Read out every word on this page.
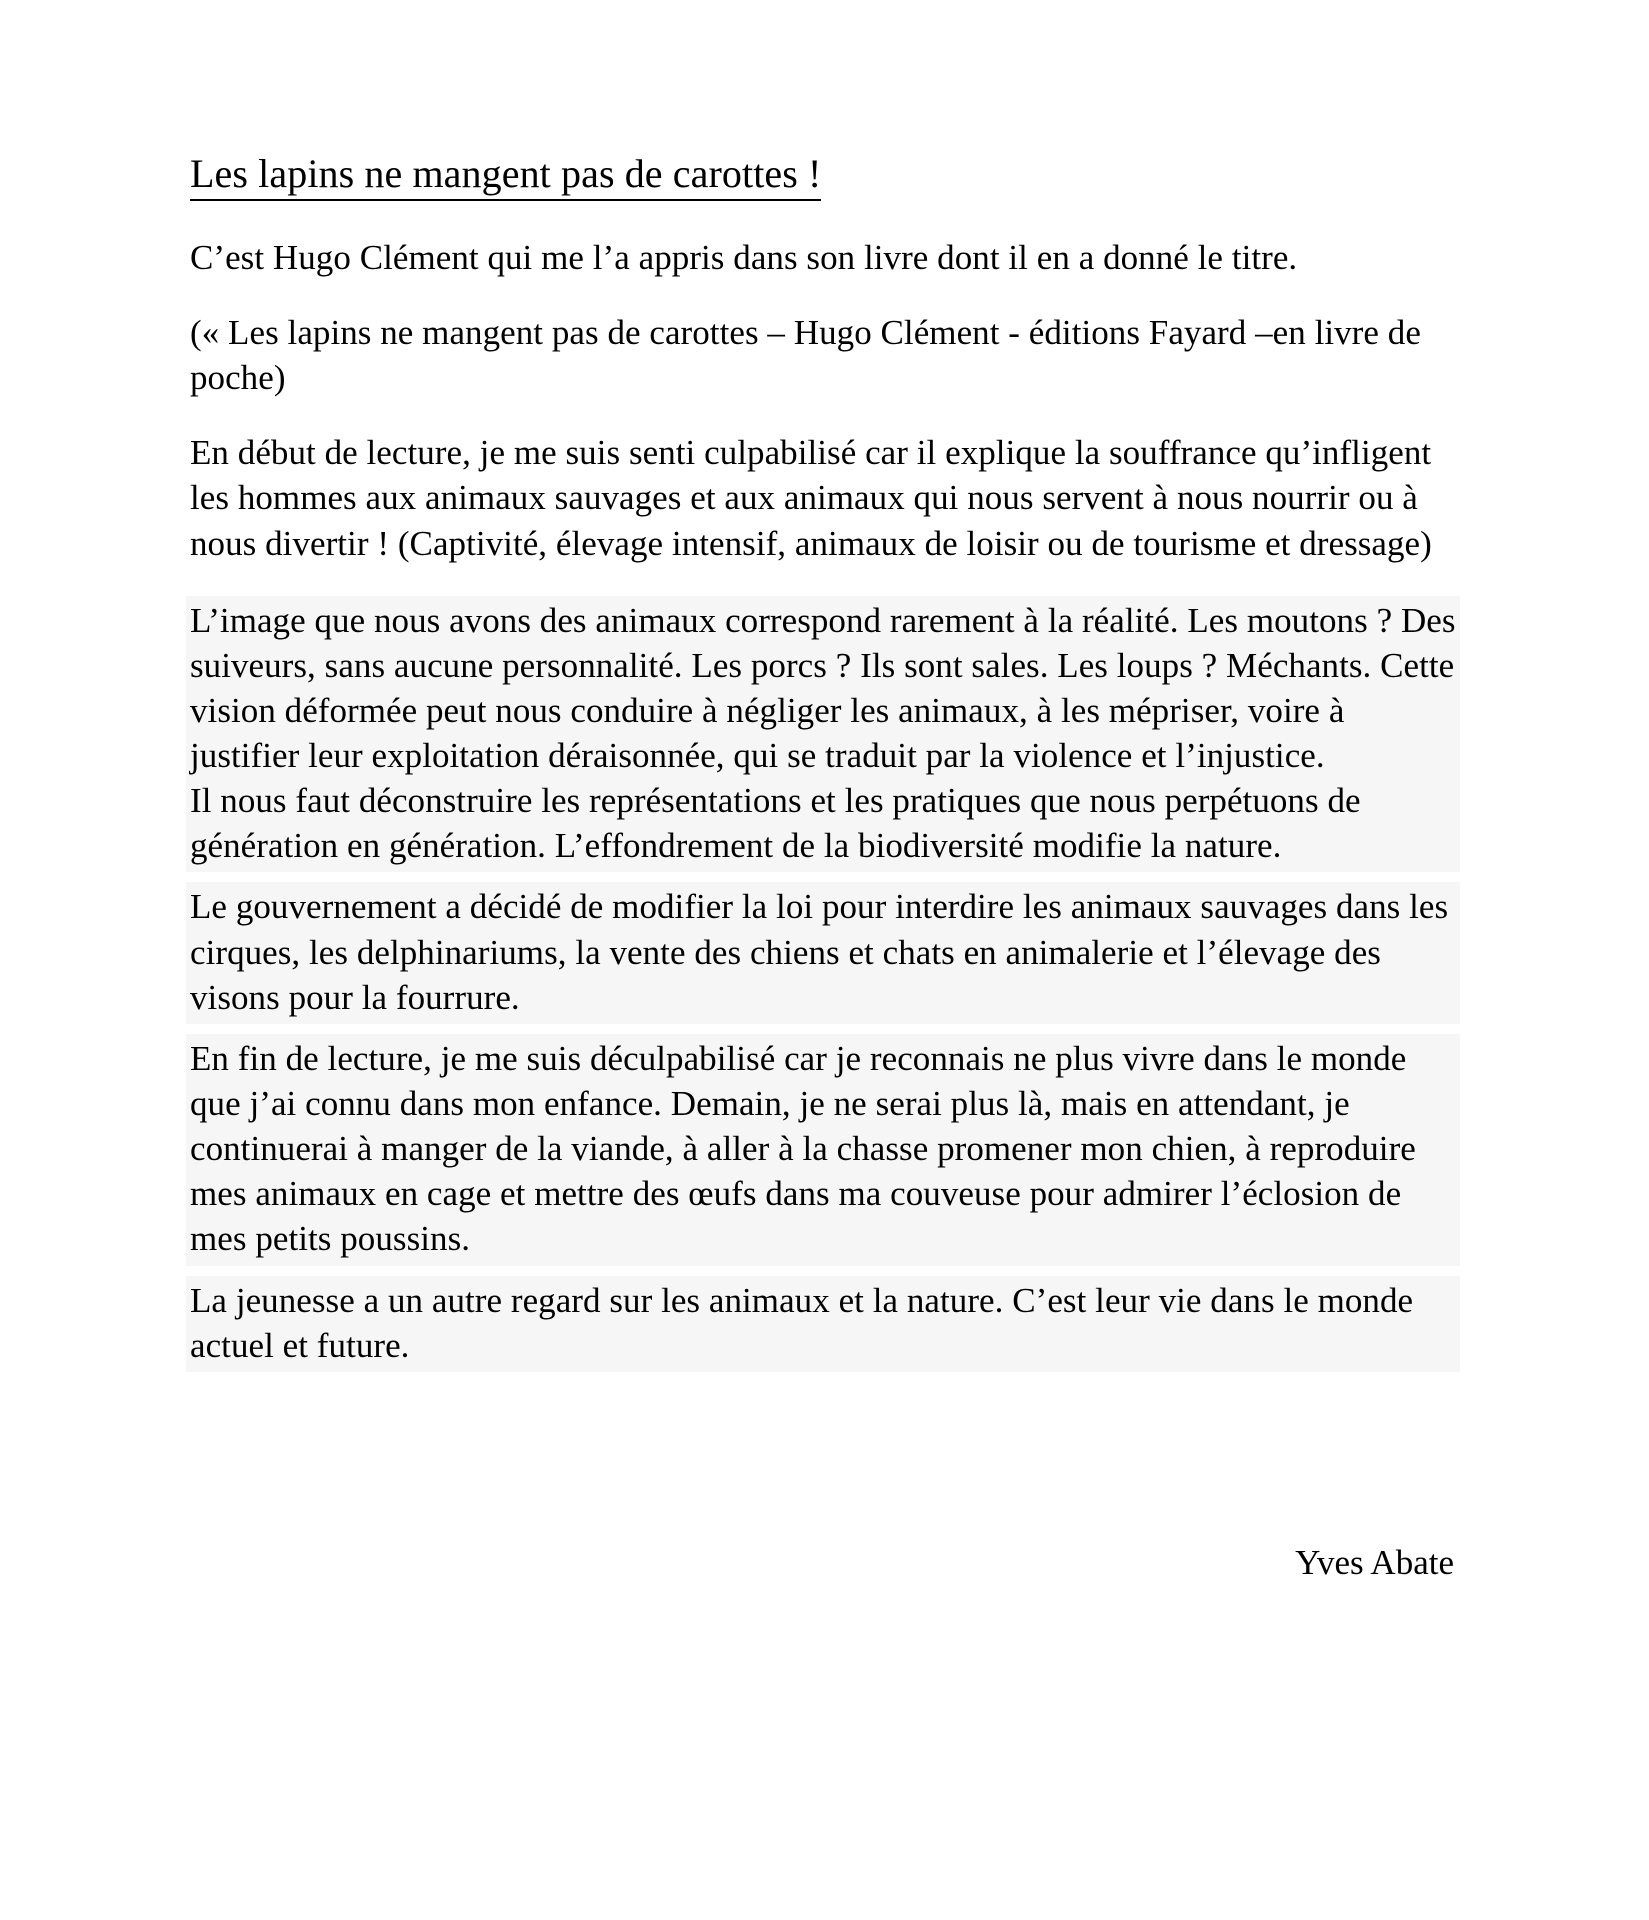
Les lapins ne mangent pas de carottes !

C’est Hugo Clément qui me l’a appris dans son livre dont il en a donné le titre.

(« Les lapins ne mangent pas de carottes – Hugo Clément - éditions Fayard –en livre de poche)

En début de lecture, je me suis senti culpabilisé car il explique la souffrance qu’infligent les hommes aux animaux sauvages et aux animaux qui nous servent à nous nourrir ou à nous divertir ! (Captivité, élevage intensif, animaux de loisir ou de tourisme et dressage)

L’image que nous avons des animaux correspond rarement à la réalité. Les moutons ? Des suiveurs, sans aucune personnalité. Les porcs ? Ils sont sales. Les loups ? Méchants. Cette vision déformée peut nous conduire à négliger les animaux, à les mépriser, voire à justifier leur exploitation déraisonnée, qui se traduit par la violence et l’injustice.

Il nous faut déconstruire les représentations et les pratiques que nous perpétuons de génération en génération. L’effondrement de la biodiversité modifie la nature.

Le gouvernement a décidé de modifier la loi pour interdire les animaux sauvages dans les cirques, les delphinariums, la vente des chiens et chats en animalerie et l’élevage des visons pour la fourrure.

En fin de lecture, je me suis déculpabilisé car je reconnais ne plus vivre dans le monde que j’ai connu dans mon enfance. Demain, je ne serai plus là, mais en attendant, je continuerai à manger de la viande, à aller à la chasse promener mon chien, à reproduire mes animaux en cage et mettre des œufs dans ma couveuse pour admirer l’éclosion de mes petits poussins.

La jeunesse a un autre regard sur les animaux et la nature. C’est leur vie dans le monde actuel et future.

Yves Abate
